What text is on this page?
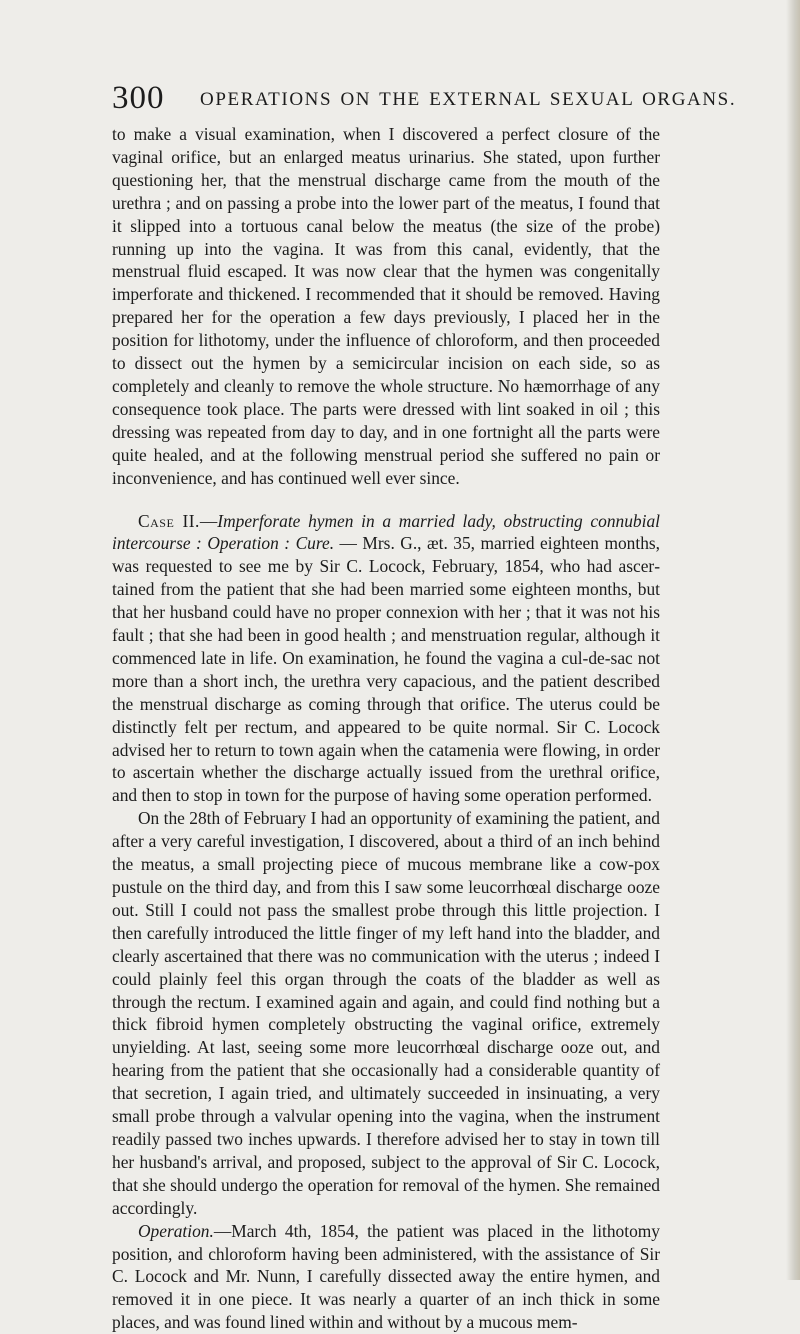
300 OPERATIONS ON THE EXTERNAL SEXUAL ORGANS.

to make a visual examination, when I discovered a perfect closure of the vaginal orifice, but an enlarged meatus urinarius. She stated, upon further questioning her, that the menstrual discharge came from the mouth of the urethra ; and on passing a probe into the lower part of the meatus, I found that it slipped into a tortuous canal below the meatus (the size of the probe) running up into the vagina. It was from this canal, evidently, that the menstrual fluid escaped. It was now clear that the hymen was congenitally imperforate and thickened. I recommended that it should be removed. Having prepared her for the operation a few days previously, I placed her in the position for lithotomy, under the influence of chloroform, and then proceeded to dissect out the hymen by a semicircular incision on each side, so as completely and cleanly to remove the whole structure. No hæmorrhage of any consequence took place. The parts were dressed with lint soaked in oil ; this dressing was repeated from day to day, and in one fortnight all the parts were quite healed, and at the following menstrual period she suffered no pain or inconvenience, and has continued well ever since.

Case II.—Imperforate hymen in a married lady, obstructing connubial intercourse : Operation : Cure. — Mrs. G., æt. 35, married eighteen months, was requested to see me by Sir C. Locock, February, 1854, who had ascertained from the patient that she had been married some eighteen months, but that her husband could have no proper connexion with her ; that it was not his fault ; that she had been in good health ; and menstruation regular, although it commenced late in life. On examination, he found the vagina a cul-de-sac not more than a short inch, the urethra very capacious, and the patient described the menstrual discharge as coming through that orifice. The uterus could be distinctly felt per rectum, and appeared to be quite normal. Sir C. Locock advised her to return to town again when the catamenia were flowing, in order to ascertain whether the discharge actually issued from the urethral orifice, and then to stop in town for the purpose of having some operation performed.

On the 28th of February I had an opportunity of examining the patient, and after a very careful investigation, I discovered, about a third of an inch behind the meatus, a small projecting piece of mucous membrane like a cow-pox pustule on the third day, and from this I saw some leucorrhœal discharge ooze out. Still I could not pass the smallest probe through this little projection. I then carefully introduced the little finger of my left hand into the bladder, and clearly ascertained that there was no communication with the uterus ; indeed I could plainly feel this organ through the coats of the bladder as well as through the rectum. I examined again and again, and could find nothing but a thick fibroid hymen completely obstructing the vaginal orifice, extremely unyielding. At last, seeing some more leucorrhœal discharge ooze out, and hearing from the patient that she occasionally had a considerable quantity of that secretion, I again tried, and ultimately succeeded in insinuating, a very small probe through a valvular opening into the vagina, when the instrument readily passed two inches upwards. I therefore advised her to stay in town till her husband's arrival, and proposed, subject to the approval of Sir C. Locock, that she should undergo the operation for removal of the hymen. She remained accordingly.

Operation.—March 4th, 1854, the patient was placed in the lithotomy position, and chloroform having been administered, with the assistance of Sir C. Locock and Mr. Nunn, I carefully dissected away the entire hymen, and removed it in one piece. It was nearly a quarter of an inch thick in some places, and was found lined within and without by a mucous mem-
